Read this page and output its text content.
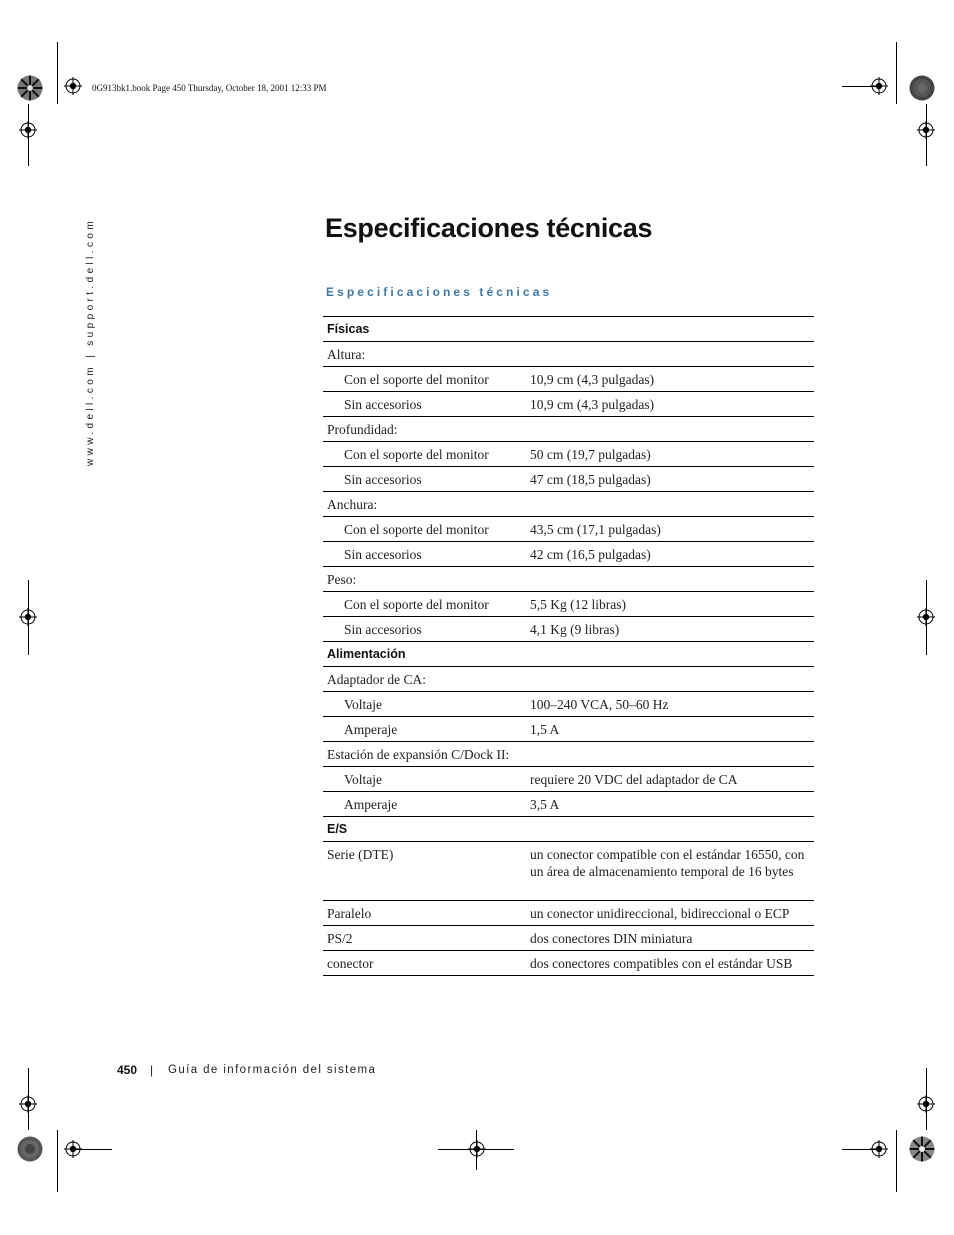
0G913bk1.book Page 450 Thursday, October 18, 2001 12:33 PM
www.dell.com | support.dell.com	Especificaciones técnicas
Especificaciones técnicas
Físicas
Altura:
Con el soporte del monitor	10,9 cm (4,3 pulgadas)
Sin accesorios	10,9 cm (4,3 pulgadas)
Profundidad:
Con el soporte del monitor	50 cm (19,7 pulgadas)
Sin accesorios	47 cm (18,5 pulgadas)
Anchura:
Con el soporte del monitor	43,5 cm (17,1 pulgadas)
Sin accesorios	42 cm (16,5 pulgadas)
Peso:
Con el soporte del monitor	5,5 Kg (12 libras)
Sin accesorios	4,1 Kg (9 libras)
Alimentación
Adaptador de CA:
Voltaje	100–240 VCA, 50–60 Hz
Amperaje	1,5 A
Estación de expansión C/Dock II:
Voltaje	requiere 20 VDC del adaptador de CA
Amperaje	3,5 A
E/S
Serie (DTE)	un conector compatible con el estándar 16550, con un área de almacenamiento temporal de 16 bytes
Paralelo	un conector unidireccional, bidireccional o ECP
PS/2	dos conectores DIN miniatura
conector	dos conectores compatibles con el estándar USB
450 | Guía de información del sistema
